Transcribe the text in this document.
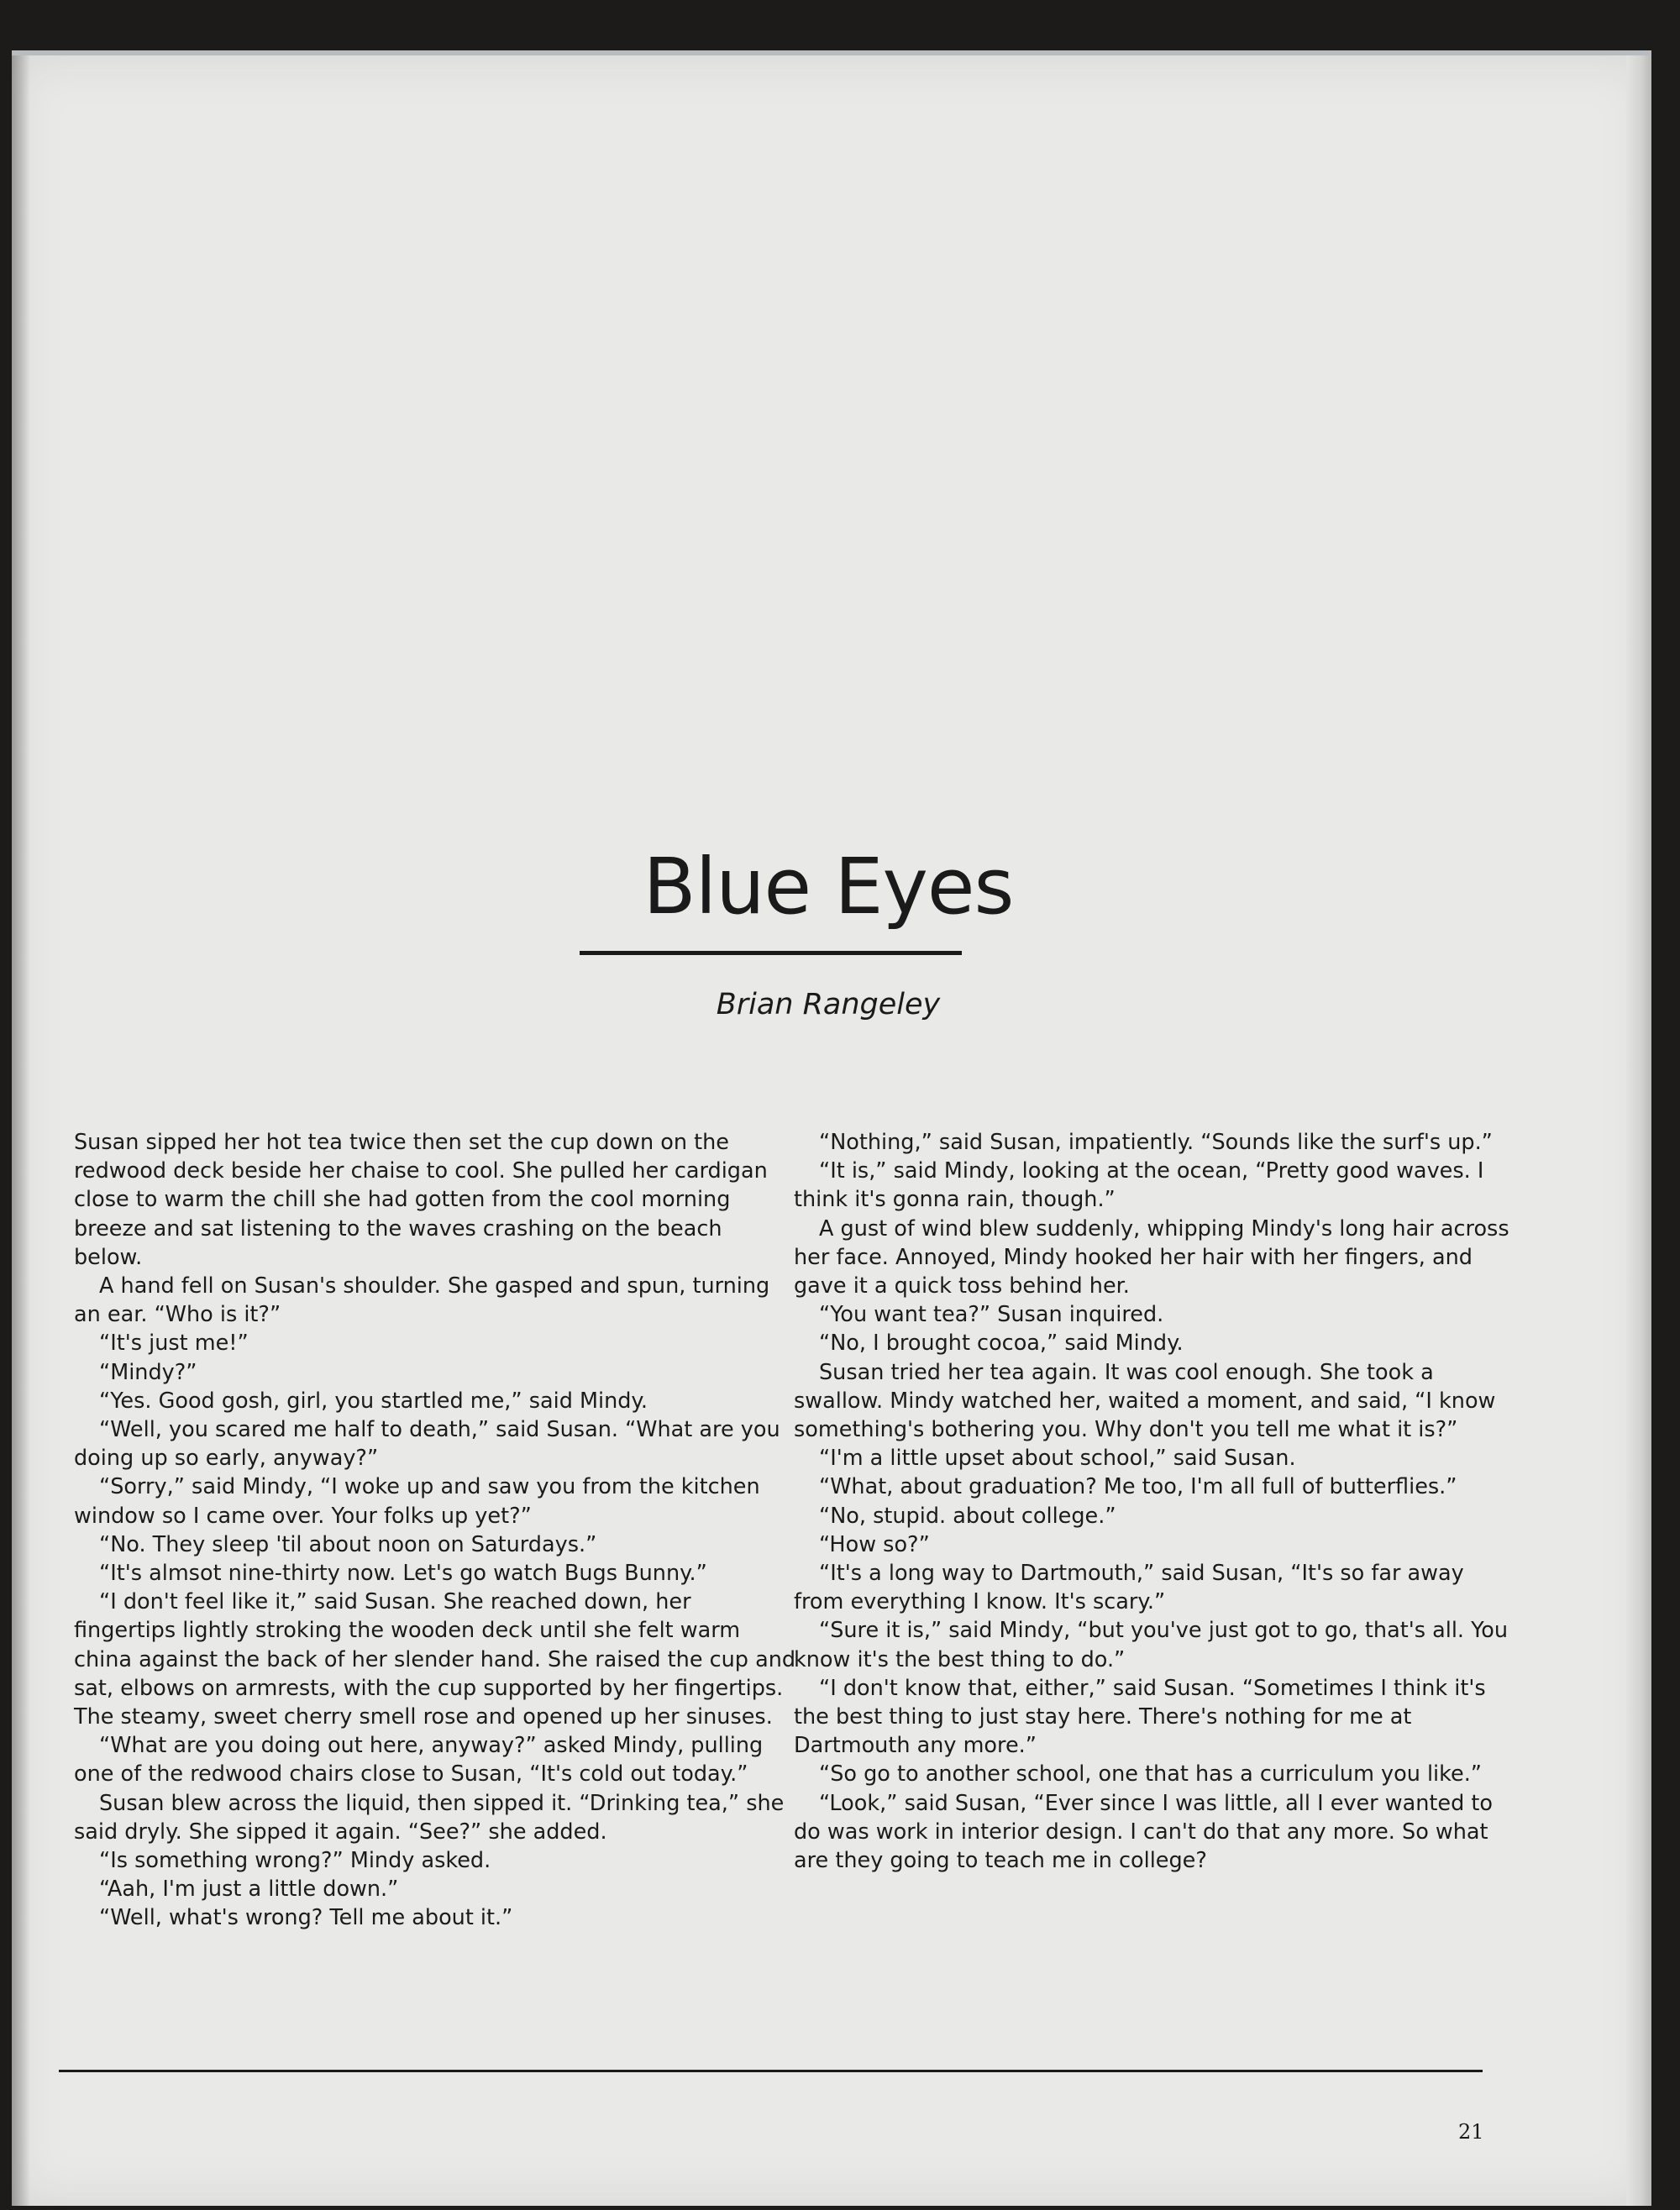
Blue Eyes
Brian Rangeley

Susan sipped her hot tea twice then set the cup down on the redwood deck beside her chaise to cool. She pulled her cardigan close to warm the chill she had gotten from the cool morning breeze and sat listening to the waves crashing on the beach below.

A hand fell on Susan's shoulder. She gasped and spun, turning an ear. “Who is it?”

“It's just me!”

“Mindy?”

“Yes. Good gosh, girl, you startled me,” said Mindy.

“Well, you scared me half to death,” said Susan. “What are you doing up so early, anyway?”

“Sorry,” said Mindy, “I woke up and saw you from the kitchen window so I came over. Your folks up yet?”

“No. They sleep 'til about noon on Saturdays.”

“It's almsot nine-thirty now. Let's go watch Bugs Bunny.”

“I don't feel like it,” said Susan. She reached down, her fingertips lightly stroking the wooden deck until she felt warm china against the back of her slender hand. She raised the cup and sat, elbows on armrests, with the cup supported by her fingertips. The steamy, sweet cherry smell rose and opened up her sinuses.

“What are you doing out here, anyway?” asked Mindy, pulling one of the redwood chairs close to Susan, “It's cold out today.”

Susan blew across the liquid, then sipped it. “Drinking tea,” she said dryly. She sipped it again. “See?” she added.

“Is something wrong?” Mindy asked.

“Aah, I'm just a little down.”

“Well, what's wrong? Tell me about it.”

“Nothing,” said Susan, impatiently. “Sounds like the surf's up.”

“It is,” said Mindy, looking at the ocean, “Pretty good waves. I think it's gonna rain, though.”

A gust of wind blew suddenly, whipping Mindy's long hair across her face. Annoyed, Mindy hooked her hair with her fingers, and gave it a quick toss behind her.

“You want tea?” Susan inquired.

“No, I brought cocoa,” said Mindy.

Susan tried her tea again. It was cool enough. She took a swallow. Mindy watched her, waited a moment, and said, “I know something's bothering you. Why don't you tell me what it is?”

“I'm a little upset about school,” said Susan.

“What, about graduation? Me too, I'm all full of butterflies.”

“No, stupid. about college.”

“How so?”

“It's a long way to Dartmouth,” said Susan, “It's so far away from everything I know. It's scary.”

“Sure it is,” said Mindy, “but you've just got to go, that's all. You know it's the best thing to do.”

“I don't know that, either,” said Susan. “Sometimes I think it's the best thing to just stay here. There's nothing for me at Dartmouth any more.”

“So go to another school, one that has a curriculum you like.”

“Look,” said Susan, “Ever since I was little, all I ever wanted to do was work in interior design. I can't do that any more. So what are they going to teach me in college?

21
